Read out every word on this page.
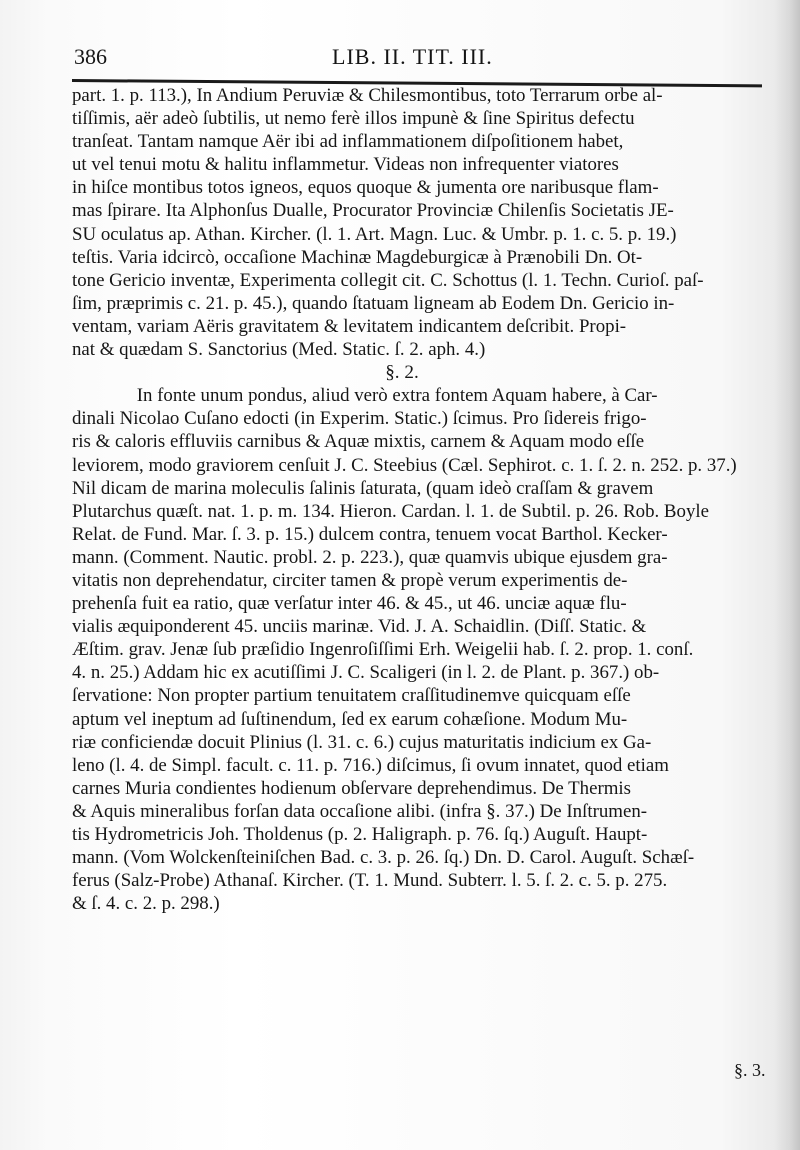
386	LIB. II. TIT. III.
part. 1. p. 113.), In Andium Peruviæ & Chilesmontibus, toto Terrarum orbe al-
tiſſimis, aër adeò ſubtilis, ut nemo ferè illos impunè & ſine Spiritus defectu
tranſeat. Tantam namque Aër ibi ad inflammationem diſpoſitionem habet,
ut vel tenui motu & halitu inflammetur. Videas non infrequenter viatores
in hiſce montibus totos igneos, equos quoque & jumenta ore naribusque flam-
mas ſpirare. Ita Alphonſus Dualle, Procurator Provinciæ Chilenſis Societatis JE-
SU oculatus ap. Athan. Kircher. (l. 1. Art. Magn. Luc. & Umbr. p. 1. c. 5. p. 19.)
teſtis. Varia idcircò, occaſione Machinæ Magdeburgicæ à Prænobili Dn. Ot-
tone Gericio inventæ, Experimenta collegit cit. C. Schottus (l. 1. Techn. Curioſ. paſ-
ſim, præprimis c. 21. p. 45.), quando ſtatuam ligneam ab Eodem Dn. Gericio in-
ventam, variam Aëris gravitatem & levitatem indicantem deſcribit. Propi-
nat & quædam S. Sanctorius (Med. Static. ſ. 2. aph. 4.)
§. 2.
In fonte unum pondus, aliud verò extra fontem Aquam habere, à Car-
dinali Nicolao Cuſano edocti (in Experim. Static.) ſcimus. Pro ſidereis frigo-
ris & caloris effluviis carnibus & Aquæ mixtis, carnem & Aquam modo eſſe
leviorem, modo graviorem cenſuit J. C. Steebius (Cæl. Sephirot. c. 1. ſ. 2. n. 252. p. 37.)
Nil dicam de marina moleculis ſalinis ſaturata, (quam ideò craſſam & gravem
Plutarchus quæſt. nat. 1. p. m. 134. Hieron. Cardan. l. 1. de Subtil. p. 26. Rob. Boyle
Relat. de Fund. Mar. ſ. 3. p. 15.) dulcem contra, tenuem vocat Barthol. Kecker-
mann. (Comment. Nautic. probl. 2. p. 223.), quæ quamvis ubique ejusdem gra-
vitatis non deprehendatur, circiter tamen & propè verum experimentis de-
prehenſa fuit ea ratio, quæ verſatur inter 46. & 45., ut 46. unciæ aquæ flu-
vialis æquiponderent 45. unciis marinæ. Vid. J. A. Schaidlin. (Diſſ. Static. &
Æſtim. grav. Jenæ ſub præſidio Ingenroſiſſimi Erh. Weigelii hab. ſ. 2. prop. 1. conſ.
4. n. 25.) Addam hic ex acutiſſimi J. C. Scaligeri (in l. 2. de Plant. p. 367.) ob-
ſervatione: Non propter partium tenuitatem craſſitudinemve quicquam eſſe
aptum vel ineptum ad ſuſtinendum, ſed ex earum cohæſione. Modum Mu-
riæ conficiendæ docuit Plinius (l. 31. c. 6.) cujus maturitatis indicium ex Ga-
leno (l. 4. de Simpl. facult. c. 11. p. 716.) diſcimus, ſi ovum innatet, quod etiam
carnes Muria condientes hodienum obſervare deprehendimus. De Thermis
& Aquis mineralibus forſan data occaſione alibi. (infra §. 37.) De Inſtrumen-
tis Hydrometricis Joh. Tholdenus (p. 2. Haligraph. p. 76. ſq.) Auguſt. Haupt-
mann. (Vom Wolckenſteiniſchen Bad. c. 3. p. 26. ſq.) Dn. D. Carol. Auguſt. Schæſ-
ferus (Salz-Probe) Athanaſ. Kircher. (T. 1. Mund. Subterr. l. 5. ſ. 2. c. 5. p. 275.
& ſ. 4. c. 2. p. 298.)
§. 3.
